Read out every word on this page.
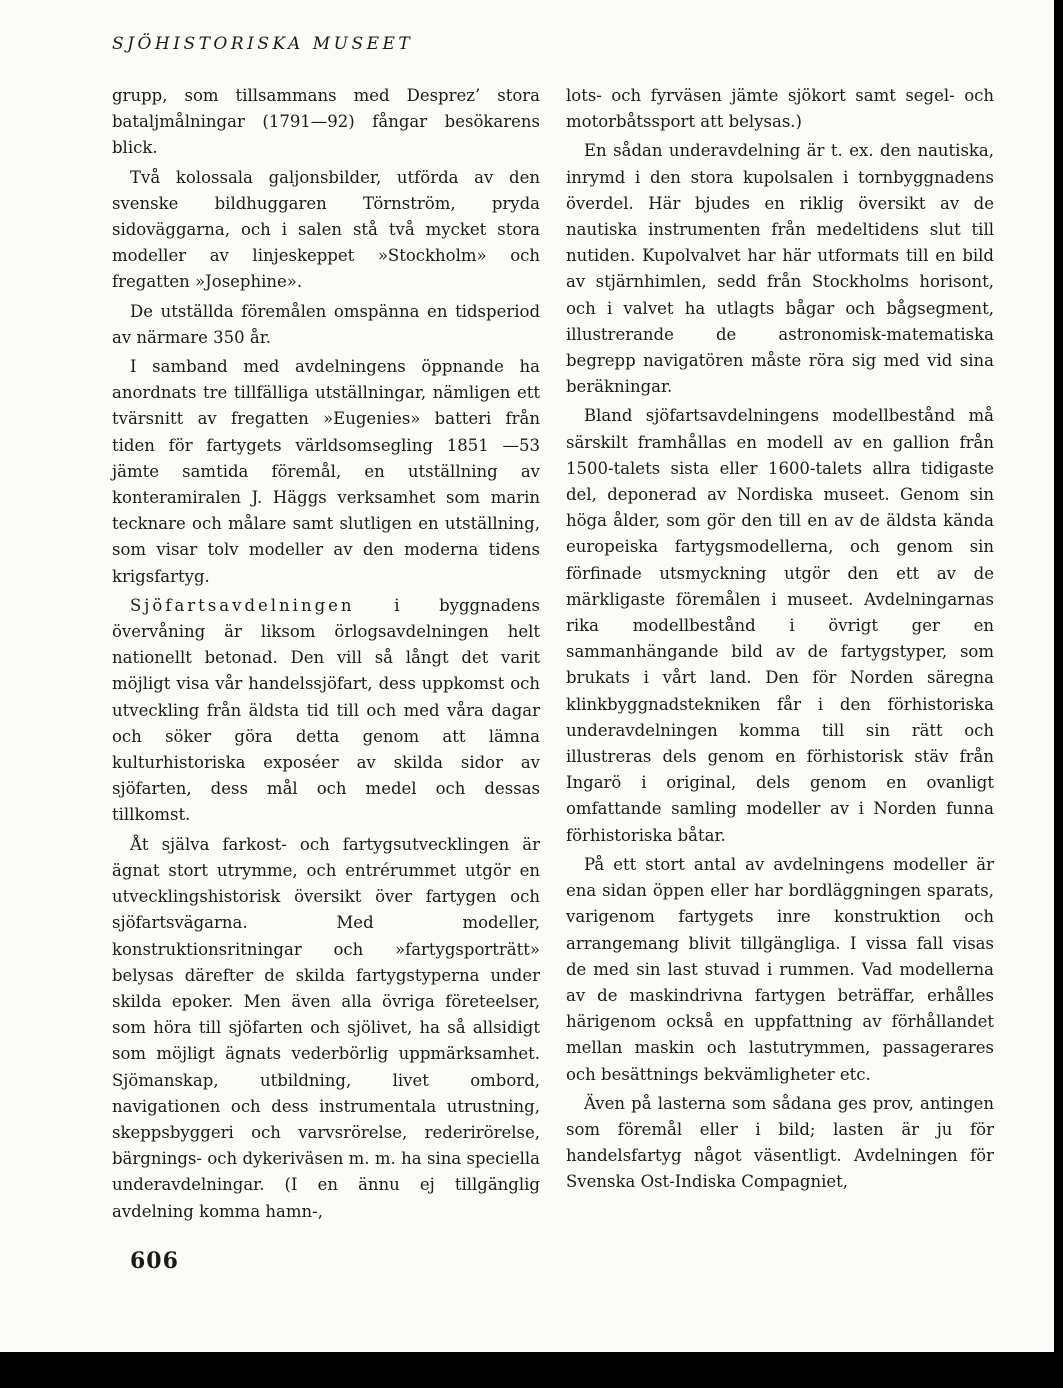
SJÖHISTORISKA MUSEET

grupp, som tillsammans med Desprez’ stora bataljmålningar (1791—92) fångar besökarens blick.

Två kolossala galjonsbilder, utförda av den svenske bildhuggaren Törnström, pryda sidoväggarna, och i salen stå två mycket stora modeller av linjeskeppet »Stockholm» och fregatten »Josephine».

De utställda föremålen omspänna en tidsperiod av närmare 350 år.

I samband med avdelningens öppnande ha anordnats tre tillfälliga utställningar, nämligen ett tvärsnitt av fregatten »Eugenies» batteri från tiden för fartygets världsomsegling 1851 —53 jämte samtida föremål, en utställning av konteramiralen J. Häggs verksamhet som marin tecknare och målare samt slutligen en utställning, som visar tolv modeller av den moderna tidens krigsfartyg.

Sjöfartsavdelningen i byggnadens övervåning är liksom örlogsavdelningen helt nationellt betonad. Den vill så långt det varit möjligt visa vår handelssjöfart, dess uppkomst och utveckling från äldsta tid till och med våra dagar och söker göra detta genom att lämna kulturhistoriska exposéer av skilda sidor av sjöfarten, dess mål och medel och dessas tillkomst.

Åt själva farkost- och fartygsutvecklingen är ägnat stort utrymme, och entrérummet utgör en utvecklingshistorisk översikt över fartygen och sjöfartsvägarna. Med modeller, konstruktionsritningar och »fartygsporträtt» belysas därefter de skilda fartygstyperna under skilda epoker. Men även alla övriga företeelser, som höra till sjöfarten och sjölivet, ha så allsidigt som möjligt ägnats vederbörlig uppmärksamhet. Sjömanskap, utbildning, livet ombord, navigationen och dess instrumentala utrustning, skeppsbyggeri och varvsrörelse, rederirörelse, bärgnings- och dykeriväsen m. m. ha sina speciella underavdelningar. (I en ännu ej tillgänglig avdelning komma hamn-,

lots- och fyrväsen jämte sjökort samt segel- och motorbåtssport att belysas.)

En sådan underavdelning är t. ex. den nautiska, inrymd i den stora kupolsalen i tornbyggnadens överdel. Här bjudes en riklig översikt av de nautiska instrumenten från medeltidens slut till nutiden. Kupolvalvet har här utformats till en bild av stjärnhimlen, sedd från Stockholms horisont, och i valvet ha utlagts bågar och bågsegment, illustrerande de astronomisk-matematiska begrepp navigatören måste röra sig med vid sina beräkningar.

Bland sjöfartsavdelningens modellbestånd må särskilt framhållas en modell av en gallion från 1500-talets sista eller 1600-talets allra tidigaste del, deponerad av Nordiska museet. Genom sin höga ålder, som gör den till en av de äldsta kända europeiska fartygsmodellerna, och genom sin förfinade utsmyckning utgör den ett av de märkligaste föremålen i museet. Avdelningarnas rika modellbestånd i övrigt ger en sammanhängande bild av de fartygstyper, som brukats i vårt land. Den för Norden säregna klinkbyggnadstekniken får i den förhistoriska underavdelningen komma till sin rätt och illustreras dels genom en förhistorisk stäv från Ingarö i original, dels genom en ovanligt omfattande samling modeller av i Norden funna förhistoriska båtar.

På ett stort antal av avdelningens modeller är ena sidan öppen eller har bordläggningen sparats, varigenom fartygets inre konstruktion och arrangemang blivit tillgängliga. I vissa fall visas de med sin last stuvad i rummen. Vad modellerna av de maskindrivna fartygen beträffar, erhålles härigenom också en uppfattning av förhållandet mellan maskin och lastutrymmen, passagerares och besättnings bekvämligheter etc.

Även på lasterna som sådana ges prov, antingen som föremål eller i bild; lasten är ju för handelsfartyg något väsentligt. Avdelningen för Svenska Ost-Indiska Compagniet,

606
